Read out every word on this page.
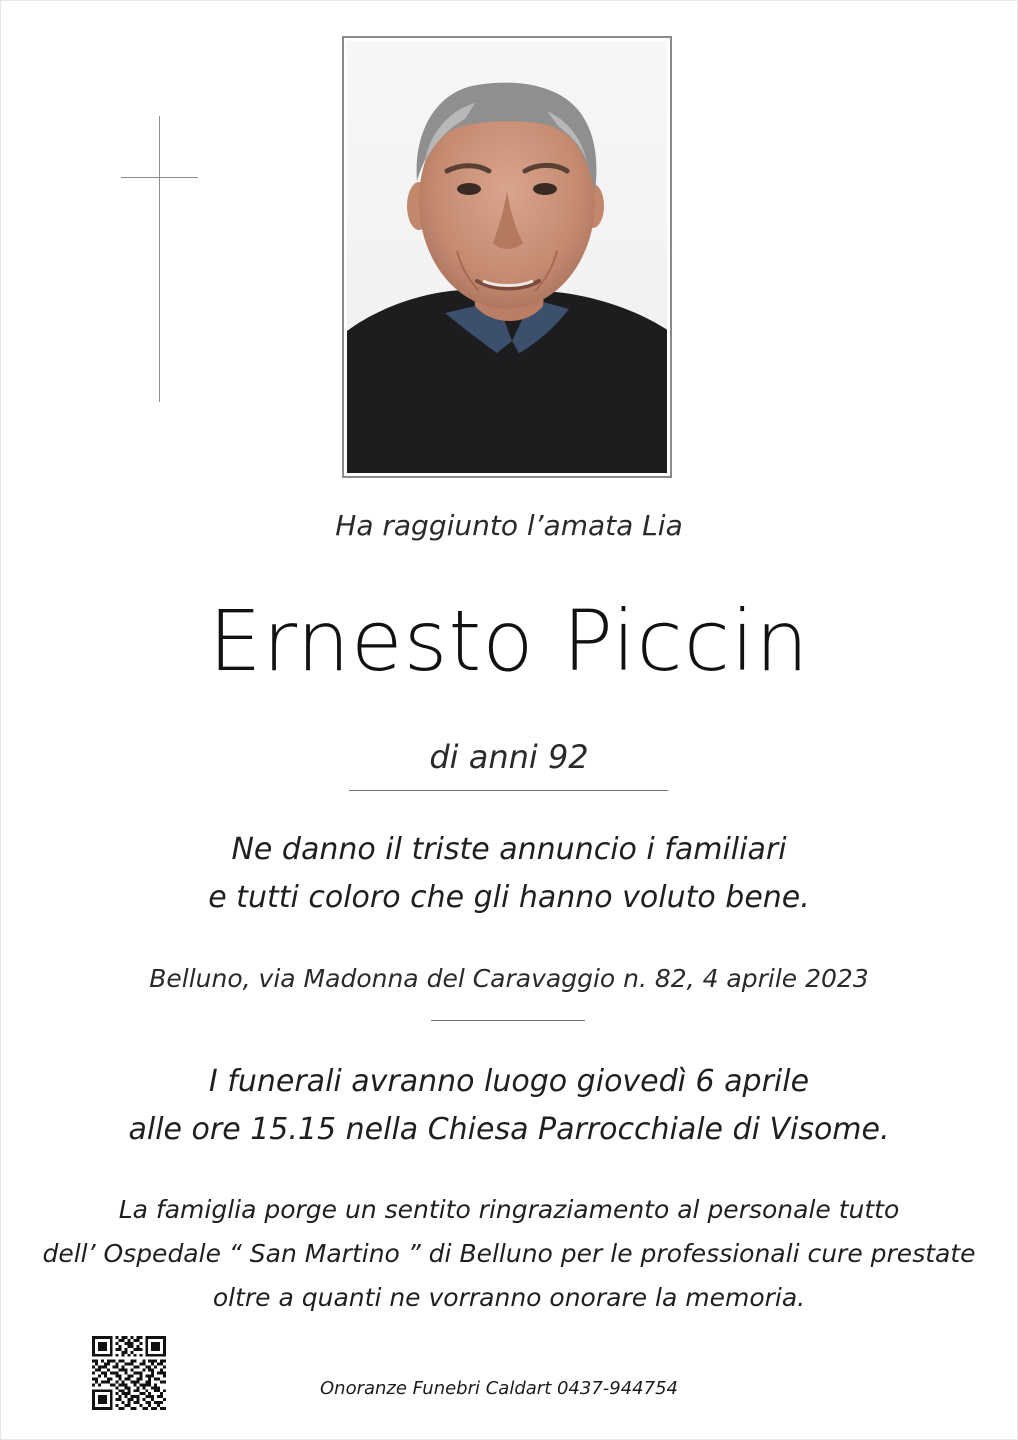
Ha raggiunto l’amata Lia
Ernesto Piccin
di anni 92
Ne danno il triste annuncio i familiari
e tutti coloro che gli hanno voluto bene.
Belluno, via Madonna del Caravaggio n. 82, 4 aprile 2023
I funerali avranno luogo giovedì 6 aprile
alle ore 15.15 nella Chiesa Parrocchiale di Visome.
La famiglia porge un sentito ringraziamento al personale tutto
dell’ Ospedale “ San Martino ” di Belluno per le professionali cure prestate
oltre a quanti ne vorranno onorare la memoria.
Onoranze Funebri Caldart 0437-944754
